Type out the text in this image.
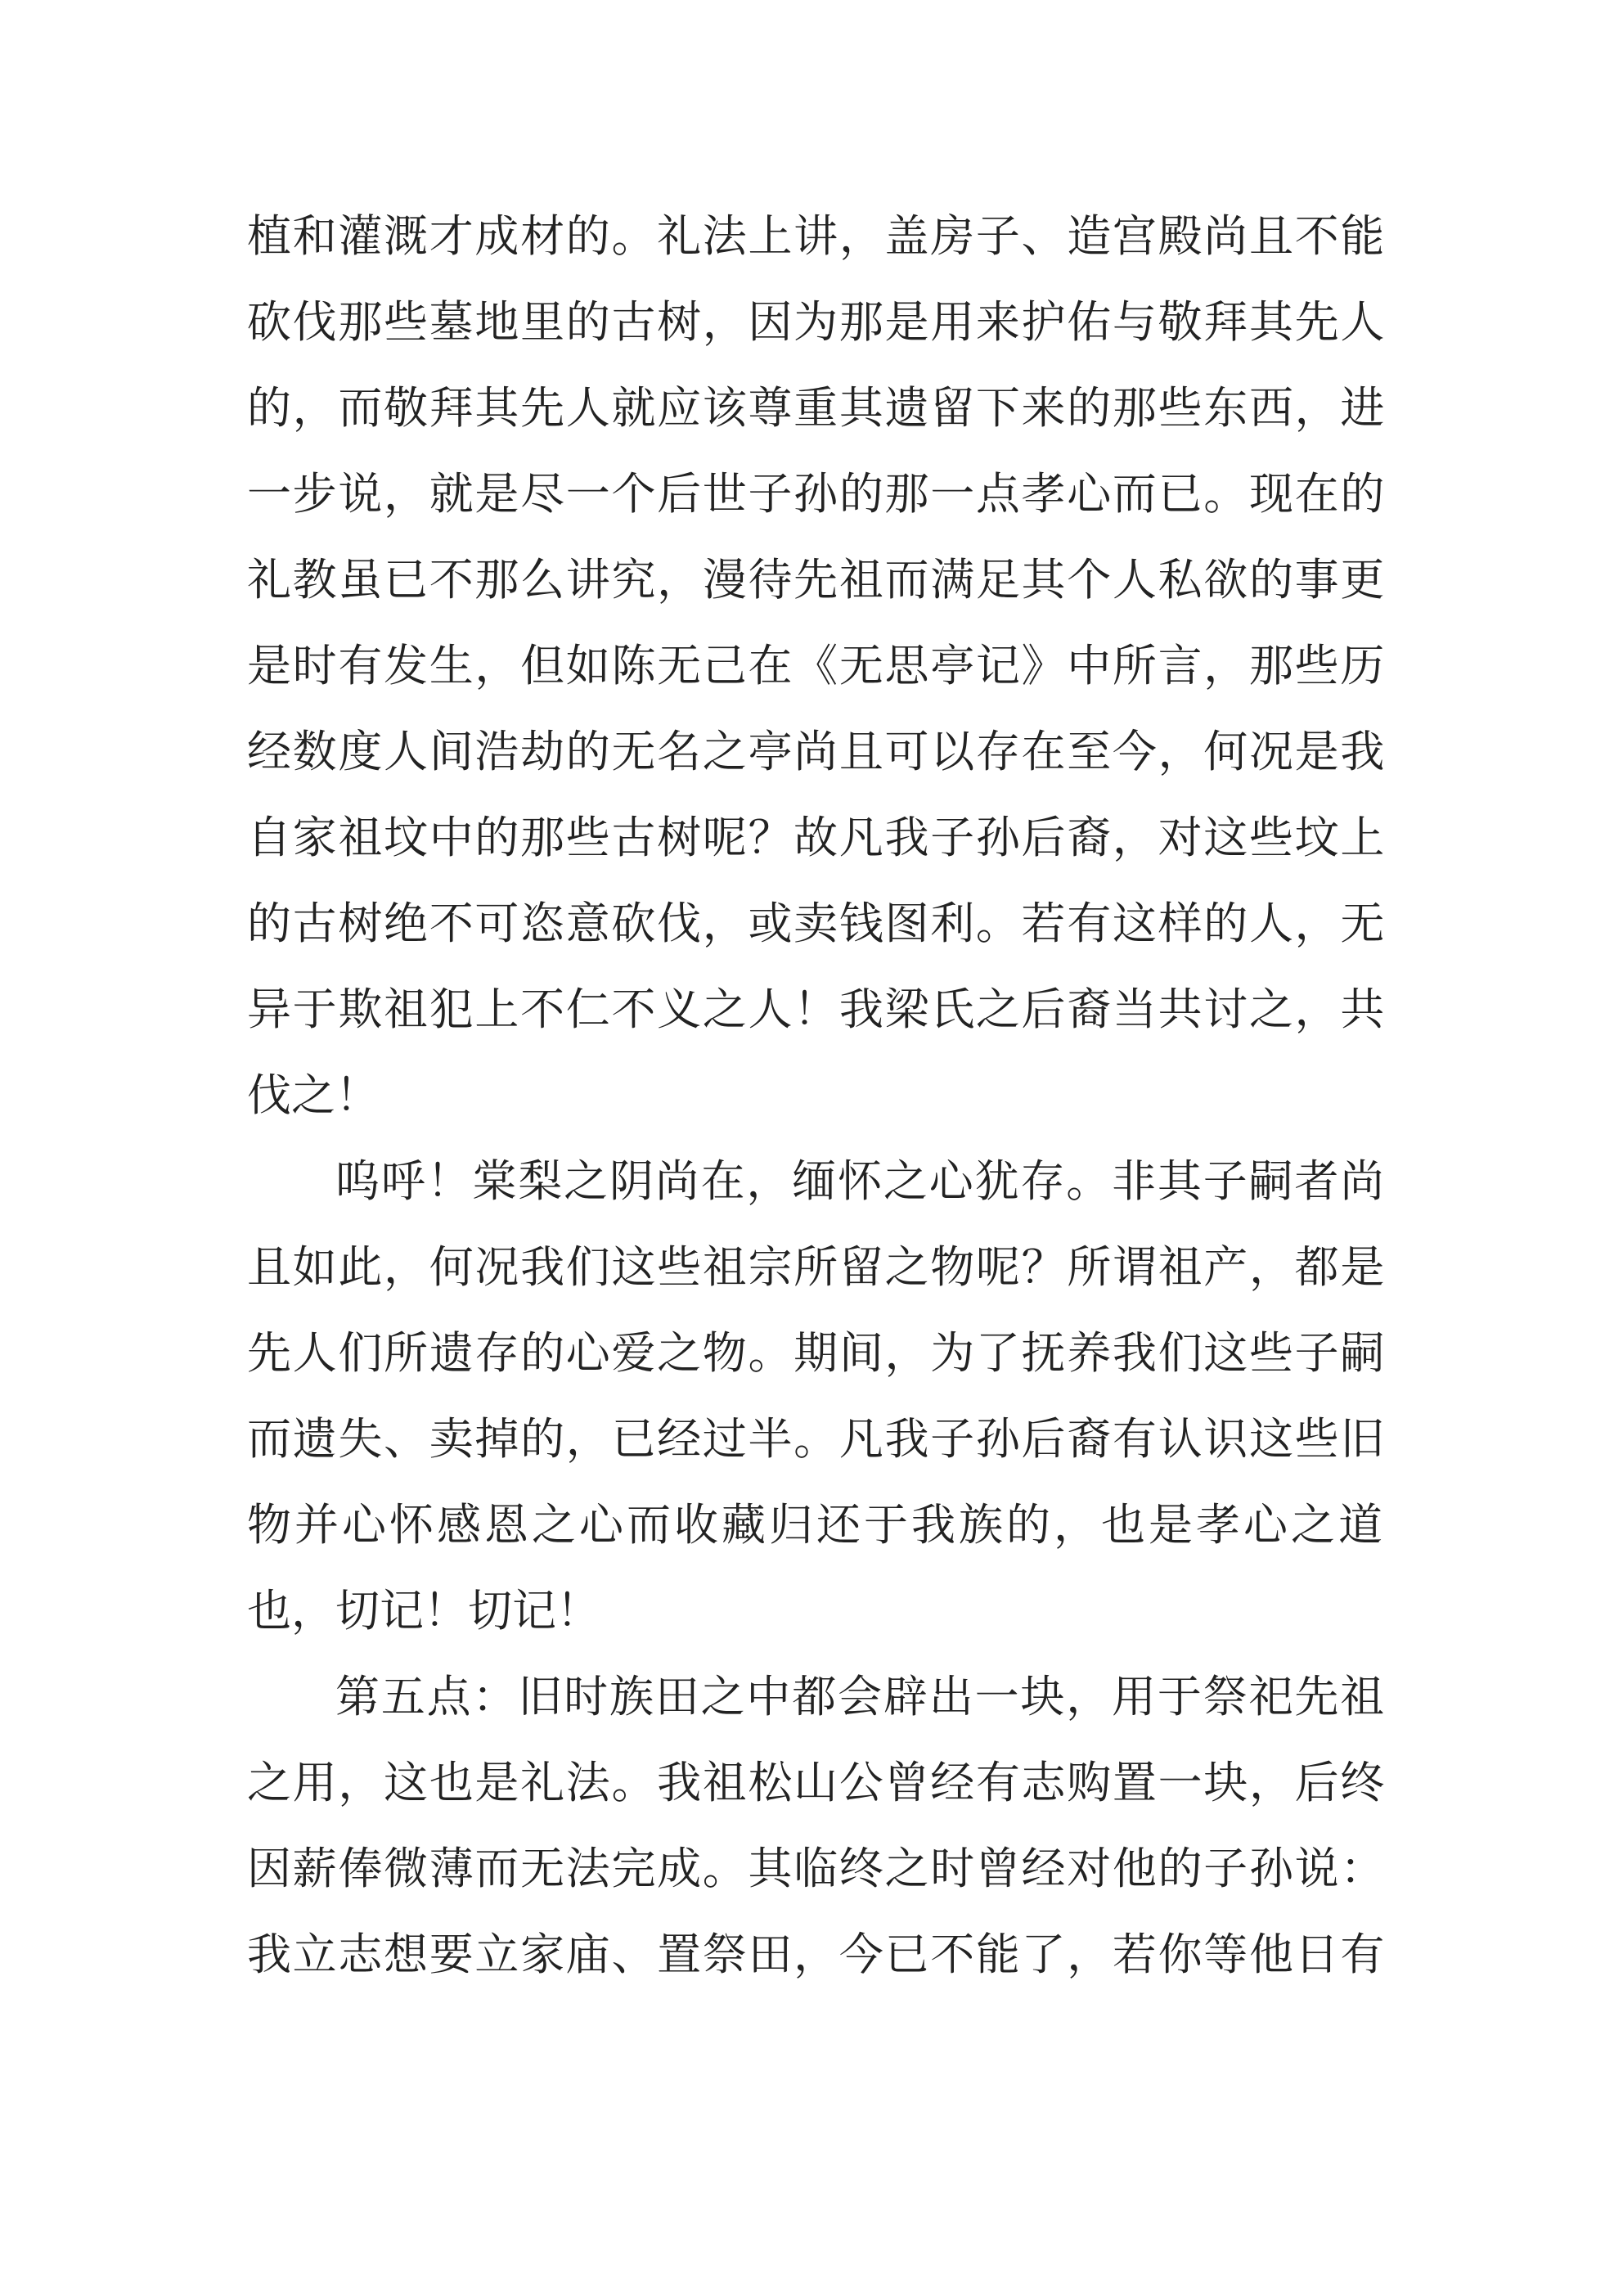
植和灌溉才成材的。礼法上讲，盖房子、造宫殿尚且不能
砍伐那些墓地里的古树，因为那是用来护佑与敬拜其先人
的，而敬拜其先人就应该尊重其遗留下来的那些东西，进
一步说，就是尽一个后世子孙的那一点孝心而已。现在的
礼教虽已不那么讲究，漫待先祖而满足其个人私欲的事更
是时有发生，但如陈无己在《无思亭记》中所言，那些历
经数度人间浩劫的无名之亭尚且可以存在至今，何况是我
自家祖坟中的那些古树呢？故凡我子孙后裔，对这些坟上
的古树绝不可恣意砍伐，或卖钱图利。若有这样的人，无
异于欺祖犯上不仁不义之人！我梁氏之后裔当共讨之，共
伐之！
呜呼！棠梨之阴尚在，缅怀之心犹存。非其子嗣者尚
且如此，何况我们这些祖宗所留之物呢？所谓祖产，都是
先人们所遗存的心爱之物。期间，为了抚养我们这些子嗣
而遗失、卖掉的，已经过半。凡我子孙后裔有认识这些旧
物并心怀感恩之心而收藏归还于我族的，也是孝心之道
也，切记！切记！
第五点：旧时族田之中都会辟出一块，用于祭祀先祖
之用，这也是礼法。我祖松山公曾经有志购置一块，后终
因薪俸微薄而无法完成。其临终之时曾经对他的子孙说：
我立志想要立家庙、置祭田，今已不能了，若你等他日有
